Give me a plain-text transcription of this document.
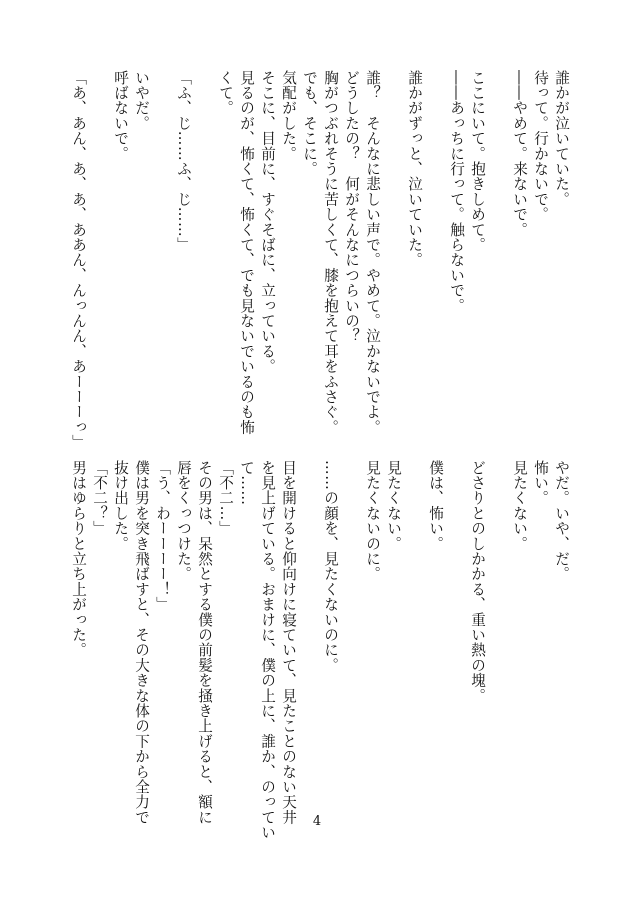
誰かが泣いていた。
待って。行かないで。
――やめて。来ないで。

ここにいて。抱きしめて。
――あっちに行って。触らないで。

誰かがずっと、泣いていた。

誰？　そんなに悲しい声で。やめて。泣かないでよ。
どうしたの？　何がそんなにつらいの？
胸がつぶれそうに苦しくて、膝を抱えて耳をふさぐ。
でも、そこに。
気配がした。
そこに、目前に、すぐそばに、立っている。
見るのが、怖くて、怖くて、でも見ないでいるのも怖
くて。

「ふ、じ……ふ、じ……」

いやだ。
呼ばないで。

「あ、あん、あ、あ、ああん、んっんん、あーーーっ」
やだ。いや、だ。
怖い。
見たくない。

どさりとのしかかる、重い熱の塊。

僕は、怖い。

見たくない。
見たくないのに。

……の顔を、見たくないのに。

目を開けると仰向けに寝ていて、見たことのない天井
を見上げている。おまけに、僕の上に、誰か、のってい
て……
「不二…」
その男は、呆然とする僕の前髪を掻き上げると、額に
唇をくっつけた。
「う、わーーーー！」
僕は男を突き飛ばすと、その大きな体の下から全力で
抜け出した。
「不二？」
男はゆらりと立ち上がった。
4
